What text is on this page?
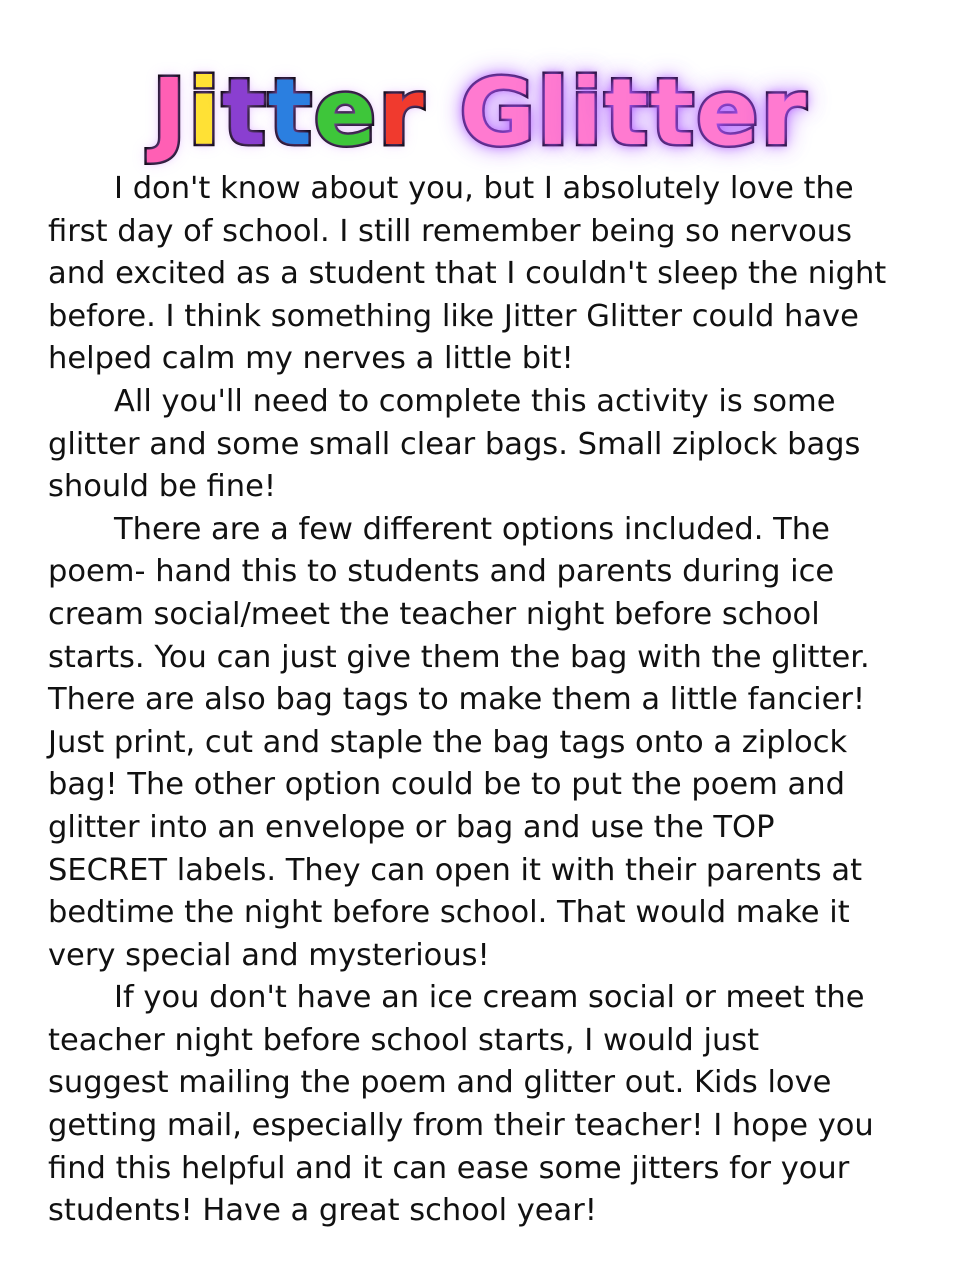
Jitter Glitter
I don't know about you, but I absolutely love the
first day of school. I still remember being so nervous
and excited as a student that I couldn't sleep the night
before. I think something like Jitter Glitter could have
helped calm my nerves a little bit!
All you'll need to complete this activity is some
glitter and some small clear bags. Small ziplock bags
should be fine!
There are a few different options included. The
poem- hand this to students and parents during ice
cream social/meet the teacher night before school
starts. You can just give them the bag with the glitter.
There are also bag tags to make them a little fancier!
Just print, cut and staple the bag tags onto a ziplock
bag! The other option could be to put the poem and
glitter into an envelope or bag and use the TOP
SECRET labels. They can open it with their parents at
bedtime the night before school. That would make it
very special and mysterious!
If you don't have an ice cream social or meet the
teacher night before school starts, I would just
suggest mailing the poem and glitter out. Kids love
getting mail, especially from their teacher! I hope you
find this helpful and it can ease some jitters for your
students! Have a great school year!
